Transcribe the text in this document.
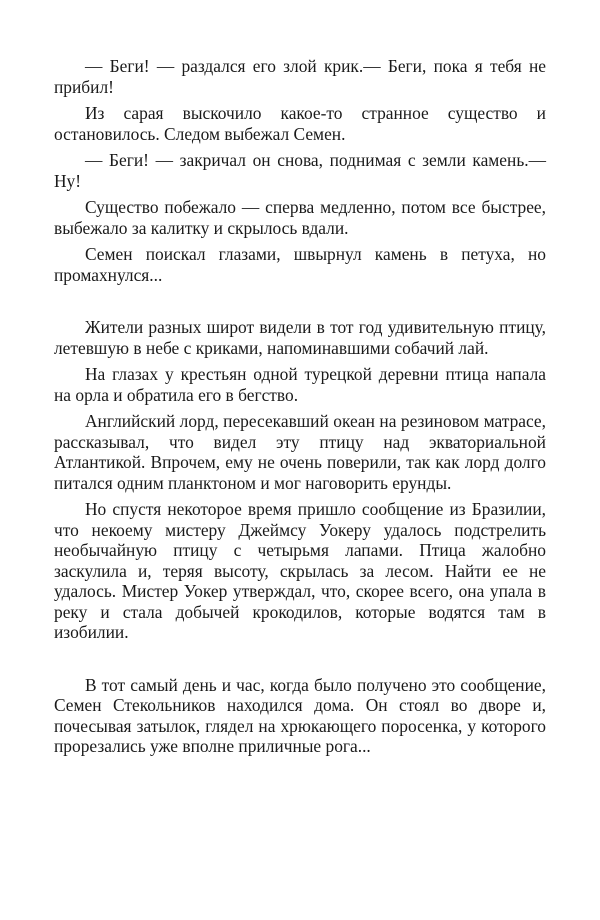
— Беги! — раздался его злой крик.— Беги, пока я тебя не прибил!

Из сарая выскочило какое-то странное существо и остановилось. Следом выбежал Семен.

— Беги! — закричал он снова, поднимая с земли камень.— Ну!

Существо побежало — сперва медленно, потом все быстрее, выбежало за калитку и скрылось вдали.

Семен поискал глазами, швырнул камень в петуха, но промахнулся...

Жители разных широт видели в тот год удивительную птицу, летевшую в небе с криками, напоминавшими собачий лай.

На глазах у крестьян одной турецкой деревни птица напала на орла и обратила его в бегство.

Английский лорд, пересекавший океан на резиновом матрасе, рассказывал, что видел эту птицу над экваториальной Атлантикой. Впрочем, ему не очень поверили, так как лорд долго питался одним планктоном и мог наговорить ерунды.

Но спустя некоторое время пришло сообщение из Бразилии, что некоему мистеру Джеймсу Уокеру удалось подстрелить необычайную птицу с четырьмя лапами. Птица жалобно заскулила и, теряя высоту, скрылась за лесом. Найти ее не удалось. Мистер Уокер утверждал, что, скорее всего, она упала в реку и стала добычей крокодилов, которые водятся там в изобилии.

В тот самый день и час, когда было получено это сообщение, Семен Стекольников находился дома. Он стоял во дворе и, почесывая затылок, глядел на хрюкающего поросенка, у которого прорезались уже вполне приличные рога...
